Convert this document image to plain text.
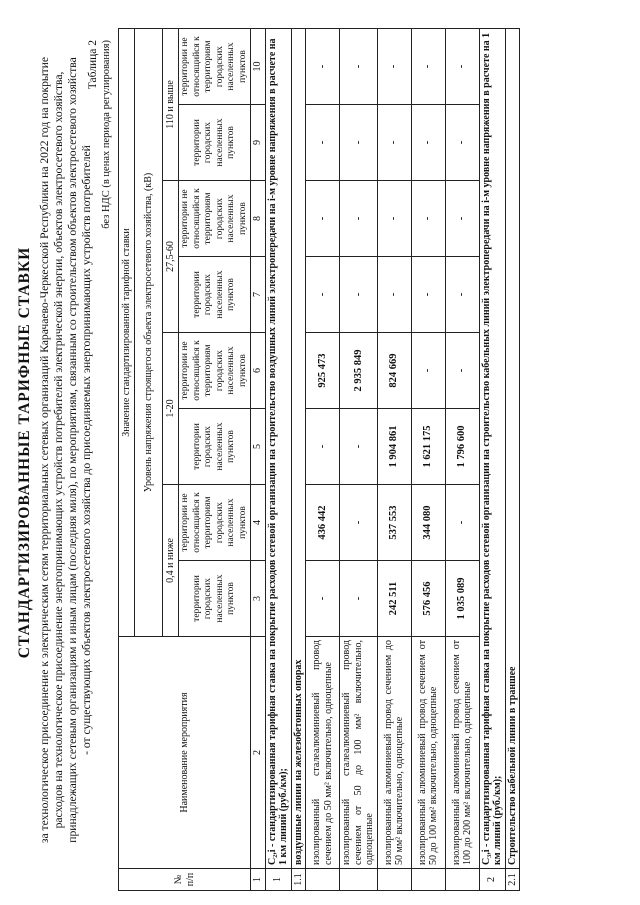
СТАНДАРТИЗИРОВАННЫЕ ТАРИФНЫЕ СТАВКИ за технологическое присоединение к электрическим сетям территориальных сетевых организаций Карачаево-Черкесской Республики на 2022 год на покрытие расходов на технологическое присоединение энергопринимающих устройств потребителей электрической энергии, объектов электросетевого хозяйства, принадлежащих сетевым организациям и иным лицам (последняя миля), по мероприятиям, связанным со строительством объектов электросетевого хозяйства - от существующих объектов электросетевого хозяйства до присоединяемых энергопринимающих устройств потребителей
Таблица 2 без НДС (в ценах периода регулирования)
№ п/п	Наименование мероприятия	Значение стандартизированной тарифной ставки							
		Уровень напряжения строящегося объекта электросетевого хозяйства, (кВ)							
		0,4 и ниже		1-20		27,5-60		110 и выше	
		территории городских населенных пунктов	территории не относящийся к территориям городских населенных пунктов	территории городских населенных пунктов	территории не относящийся к территориям городских населенных пунктов	территории городских населенных пунктов	территории не относящийся к территориям городских населенных пунктов	территории городских населенных пунктов	территории не относящийся к территориям городских населенных пунктов
1	2	3	4	5	6	7	8	9	10
1	С₂,i - стандартизированная тарифная ставка на покрытие расходов сетевой организации на строительство воздушных линий электропередачи на i-м уровне напряжения в расчете на 1 км линий (руб./км);								
1.1	воздушные линии на железобетонных опорах								
	изолированный сталеалюминиевый провод сечением до 50 мм² включительно, одноцепные	-	436 442	-	925 473	-	-	-	-
	изолированный сталеалюминиевый провод сечением от 50 до 100 мм² включительно, одноцепные	-	-	-	2 935 849	-	-	-	-
	изолированный алюминиевый провод сечением до 50 мм² включительно, одноцепные	242 511	537 553	1 904 861	824 669	-	-	-	-
	изолированный алюминиевый провод сечением от 50 до 100 мм² включительно, одноцепные	576 456	344 080	1 621 175	-	-	-	-	-
	изолированный алюминиевый провод сечением от 100 до 200 мм² включительно, одноцепные	1 035 089	-	1 796 600	-	-	-	-	-
2	С₃,i - стандартизированная тарифная ставка на покрытие расходов сетевой организации на строительство кабельных линий электропередачи на i-м уровне напряжения в расчете на 1 км линий (руб./км);								
2.1	Строительство кабельной линии в траншее								
